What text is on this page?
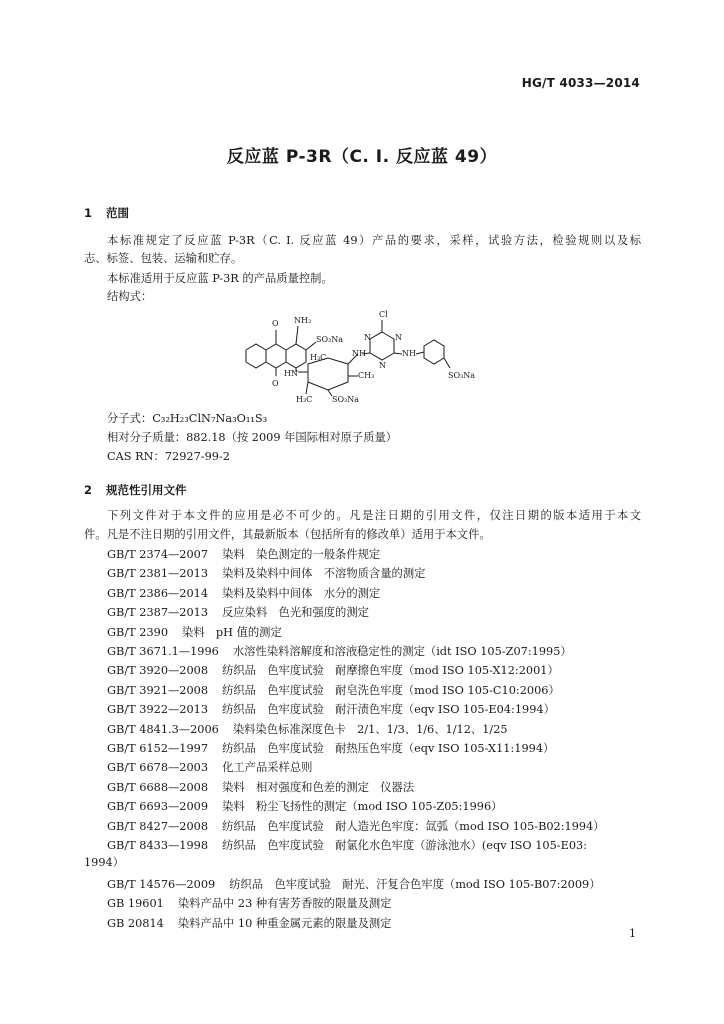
HG/T 4033—2014
反应蓝 P-3R（C. I. 反应蓝 49）
1 范围
本标准规定了反应蓝 P-3R（C. I. 反应蓝 49）产品的要求，采样，试验方法，检验规则以及标
志、标签、包装、运输和贮存。
本标准适用于反应蓝 P-3R 的产品质量控制。
结构式：
O
O
NH₂
SO₃Na
HN
H₃C	NH
Cl
N
N
N
NH
CH₃	SO₃Na
H₃C SO₃Na
分子式：C₃₂H₂₃ClN₇Na₃O₁₁S₃
相对分子质量：882.18（按 2009 年国际相对原子质量）
CAS RN：72927-99-2
2 规范性引用文件
下列文件对于本文件的应用是必不可少的。凡是注日期的引用文件，仅注日期的版本适用于本文
件。凡是不注日期的引用文件，其最新版本（包括所有的修改单）适用于本文件。
GB/T 2374—2007 染料　染色测定的一般条件规定
GB/T 2381—2013 染料及染料中间体　不溶物质含量的测定
GB/T 2386—2014 染料及染料中间体　水分的测定
GB/T 2387—2013 反应染料　色光和强度的测定
GB/T 2390 染料　pH 值的测定
GB/T 3671.1—1996 水溶性染料溶解度和溶液稳定性的测定（idt ISO 105-Z07:1995）
GB/T 3920—2008 纺织品　色牢度试验　耐摩擦色牢度（mod ISO 105-X12:2001）
GB/T 3921—2008 纺织品　色牢度试验　耐皂洗色牢度（mod ISO 105-C10:2006）
GB/T 3922—2013 纺织品　色牢度试验　耐汗渍色牢度（eqv ISO 105-E04:1994）
GB/T 4841.3—2006 染料染色标准深度色卡　2/1、1/3、1/6、1/12、1/25
GB/T 6152—1997 纺织品　色牢度试验　耐热压色牢度（eqv ISO 105-X11:1994）
GB/T 6678—2003 化工产品采样总则
GB/T 6688—2008 染料　相对强度和色差的测定　仪器法
GB/T 6693—2009 染料　粉尘飞扬性的测定（mod ISO 105-Z05:1996）
GB/T 8427—2008 纺织品　色牢度试验　耐人造光色牢度：氙弧（mod ISO 105-B02:1994）
GB/T 8433—1998 纺织品　色牢度试验　耐氯化水色牢度（游泳池水）(eqv ISO 105-E03:
GB/T 14576—2009 纺织品　色牢度试验　耐光、汗复合色牢度（mod ISO 105-B07:2009）
GB 19601 染料产品中 23 种有害芳香胺的限量及测定
GB 20814 染料产品中 10 种重金属元素的限量及测定
1994）
1
